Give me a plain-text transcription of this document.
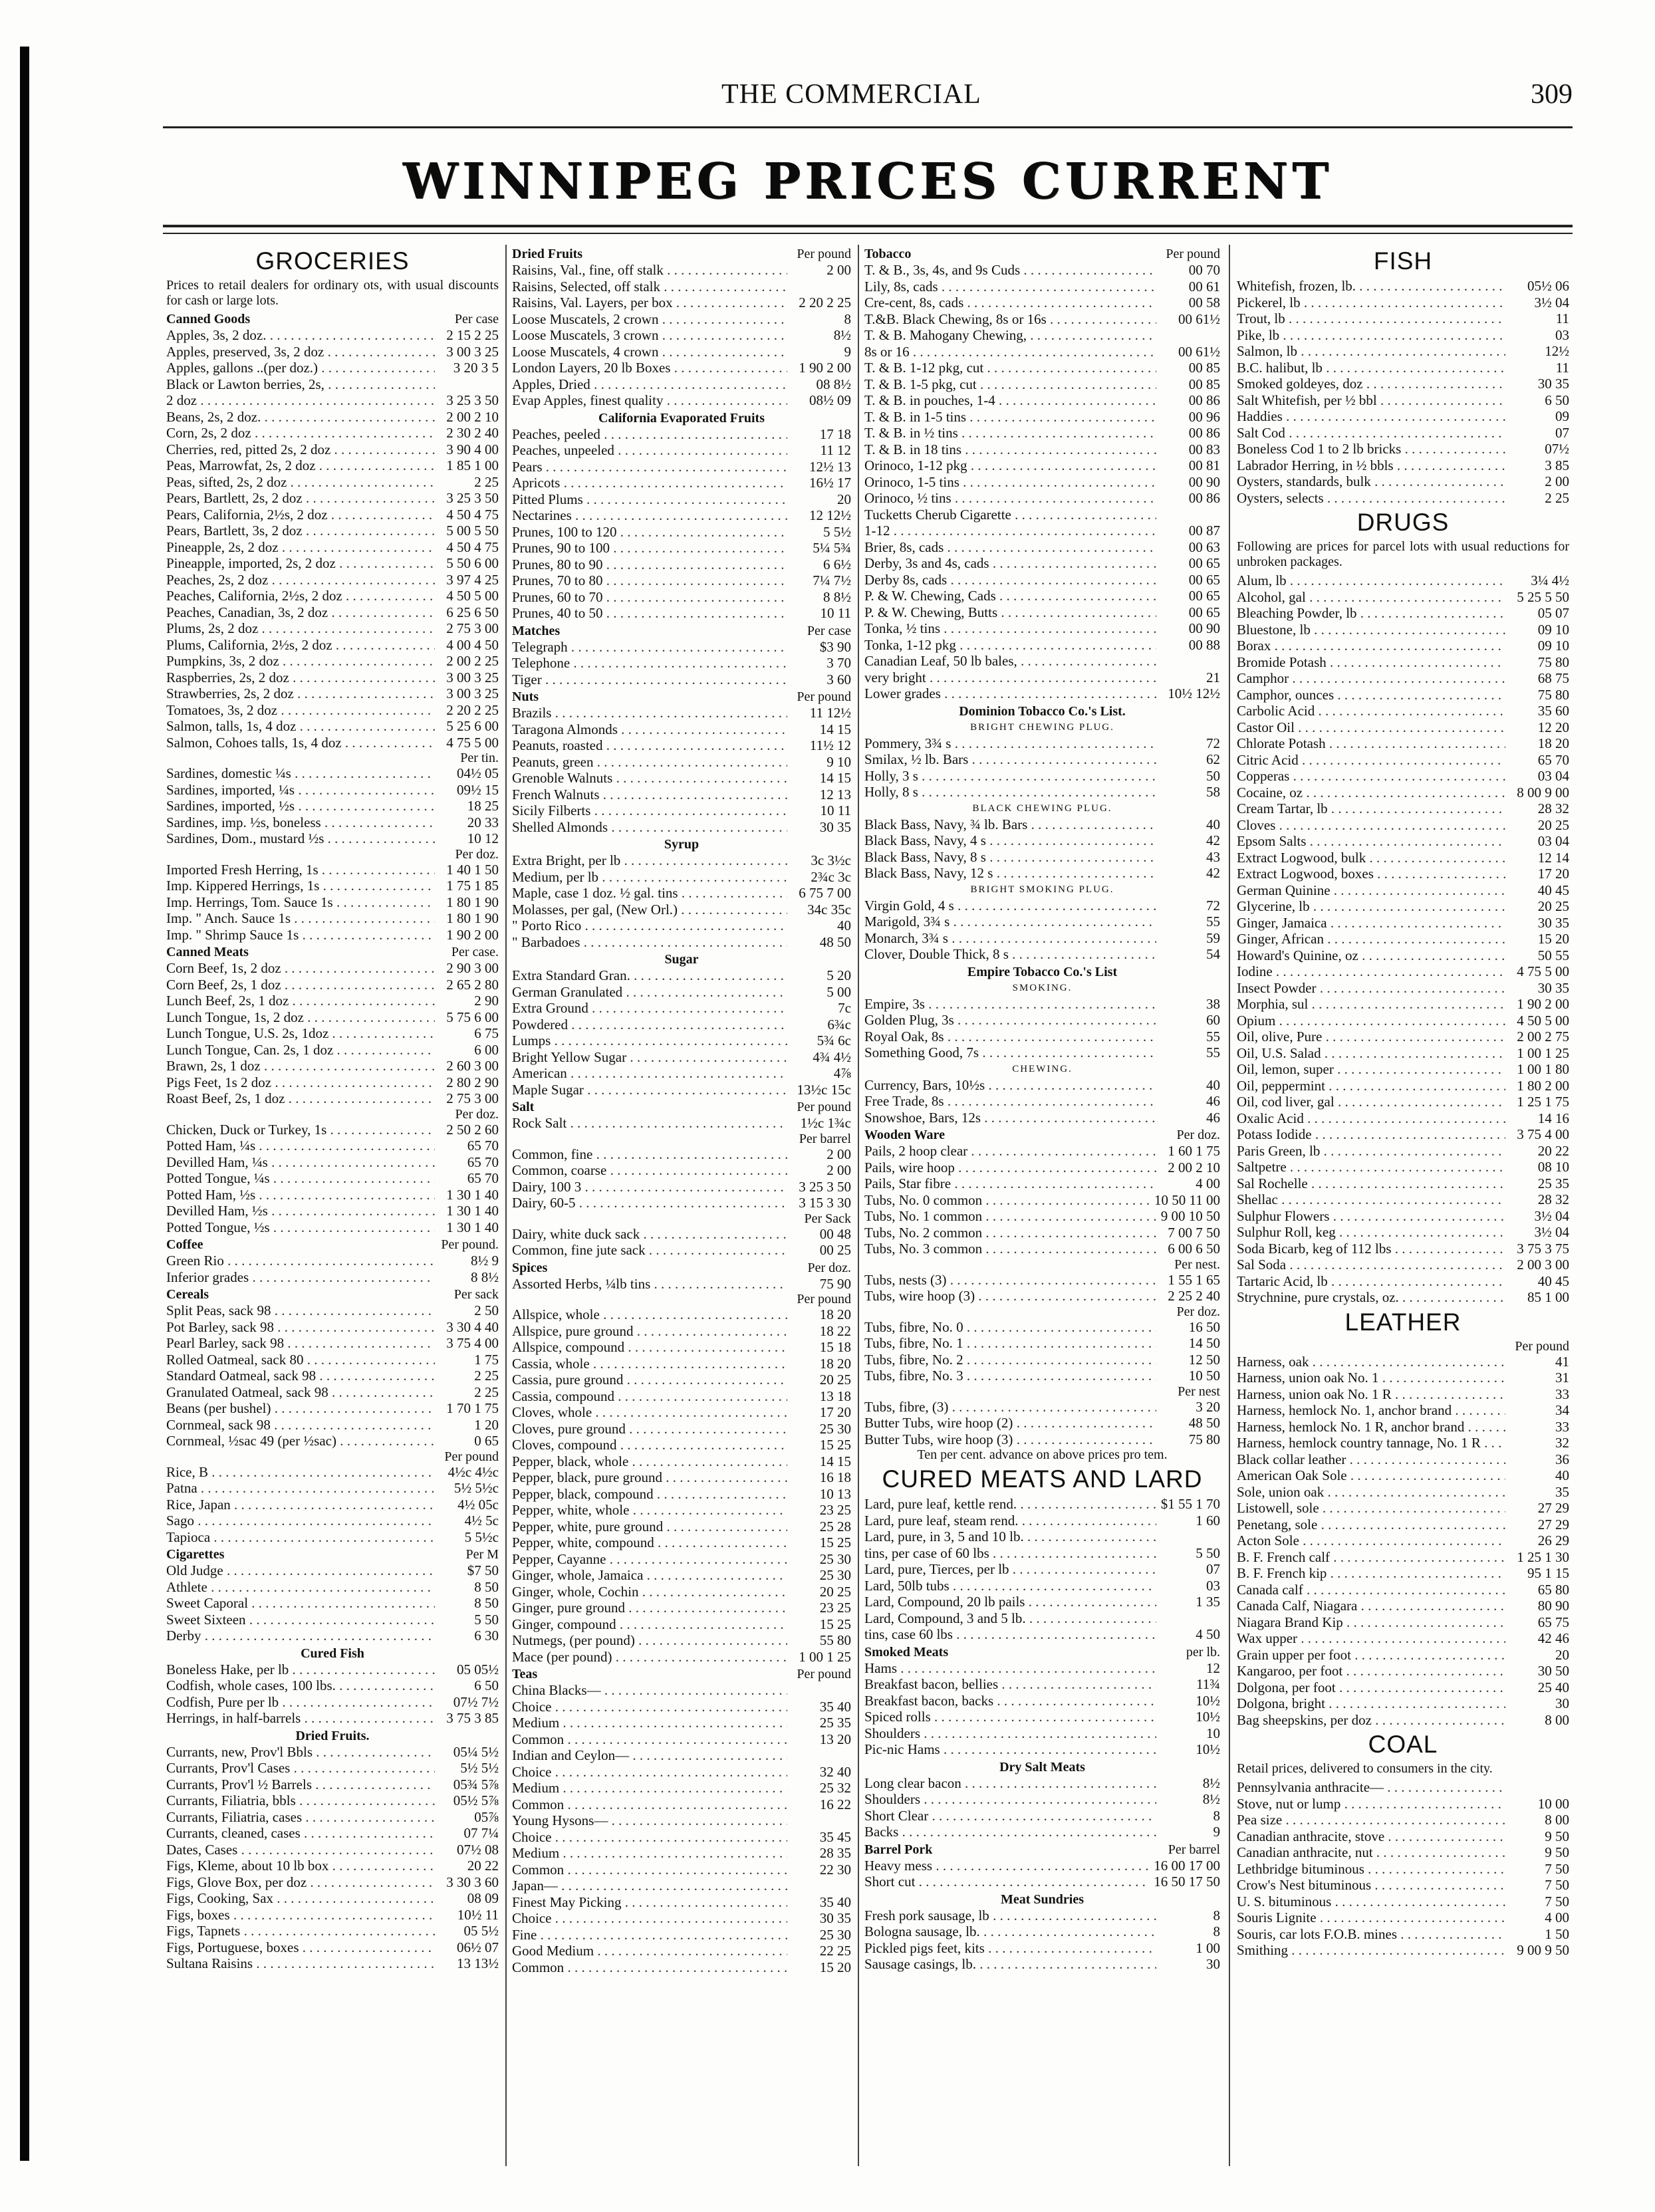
THE COMMERCIAL	309
WINNIPEG PRICES CURRENT
GROCERIES
Prices to retail dealers for ordinary ots, with usual discounts for cash or large lots.
Canned Goods	Per case
Apples, 3s, 2 doz. . . .	2 15 2 25
Apples, preserved, 3s, 2 doz . . .	3 00 3 25
Apples, gallons ..(per doz.) . . .	3 20 3 5
Black or Lawton berries, 2s, . . .
2 doz . . .	3 25 3 50
Beans, 2s, 2 doz. . . .	2 00 2 10
Corn, 2s, 2 doz . . .	2 30 2 40
Cherries, red, pitted 2s, 2 doz . . .	3 90 4 00
Peas, Marrowfat, 2s, 2 doz . . .	1 85 1 00
Peas, sifted, 2s, 2 doz . . .	2 25
Pears, Bartlett, 2s, 2 doz . . .	3 25 3 50
Pears, California, 2½s, 2 doz . . .	4 50 4 75
Pears, Bartlett, 3s, 2 doz . . .	5 00 5 50
Pineapple, 2s, 2 doz . . .	4 50 4 75
Pineapple, imported, 2s, 2 doz . . .	5 50 6 00
Peaches, 2s, 2 doz . . .	3 97 4 25
Peaches, California, 2½s, 2 doz . . .	4 50 5 00
Peaches, Canadian, 3s, 2 doz . . .	6 25 6 50
Plums, 2s, 2 doz . . .	2 75 3 00
Plums, California, 2½s, 2 doz . . .	4 00 4 50
Pumpkins, 3s, 2 doz . . .	2 00 2 25
Raspberries, 2s, 2 doz . . .	3 00 3 25
Strawberries, 2s, 2 doz . . .	3 00 3 25
Tomatoes, 3s, 2 doz . . .	2 20 2 25
Salmon, talls, 1s, 4 doz . . .	5 25 6 00
Salmon, Cohoes talls, 1s, 4 doz . . .	4 75 5 00
Per tin.
Sardines, domestic ¼s . . .	04½ 05
Sardines, imported, ¼s . . .	09½ 15
Sardines, imported, ½s . . .	18 25
Sardines, imp. ½s, boneless . . .	20 33
Sardines, Dom., mustard ½s . . .	10 12
Per doz.
Imported Fresh Herring, 1s . . .	1 40 1 50
Imp. Kippered Herrings, 1s . . .	1 75 1 85
Imp. Herrings, Tom. Sauce 1s . . .	1 80 1 90
Imp. " Anch. Sauce 1s . . .	1 80 1 90
Imp. " Shrimp Sauce 1s . . .	1 90 2 00
Canned Meats	Per case.
Corn Beef, 1s, 2 doz . . .	2 90 3 00
Corn Beef, 2s, 1 doz . . .	2 65 2 80
Lunch Beef, 2s, 1 doz . . .	2 90
Lunch Tongue, 1s, 2 doz . . .	5 75 6 00
Lunch Tongue, U.S. 2s, 1doz . . .	6 75
Lunch Tongue, Can. 2s, 1 doz . . .	6 00
Brawn, 2s, 1 doz . . .	2 60 3 00
Pigs Feet, 1s 2 doz . . .	2 80 2 90
Roast Beef, 2s, 1 doz . . .	2 75 3 00
Per doz.
Chicken, Duck or Turkey, 1s . . .	2 50 2 60
Potted Ham, ¼s . . .	65 70
Devilled Ham, ¼s . . .	65 70
Potted Tongue, ¼s . . .	65 70
Potted Ham, ½s . . .	1 30 1 40
Devilled Ham, ½s . . .	1 30 1 40
Potted Tongue, ½s . . .	1 30 1 40
Coffee	Per pound.
Green Rio . . .	8½ 9
Inferior grades . . .	8 8½
Cereals	Per sack
Split Peas, sack 98 . . .	2 50
Pot Barley, sack 98 . . .	3 30 4 40
Pearl Barley, sack 98 . . .	3 75 4 00
Rolled Oatmeal, sack 80 . . .	1 75
Standard Oatmeal, sack 98 . . .	2 25
Granulated Oatmeal, sack 98 . . .	2 25
Beans (per bushel) . . .	1 70 1 75
Cornmeal, sack 98 . . .	1 20
Cornmeal, ½sac 49 (per ½sac) . . .	0 65
Per pound
Rice, B . . .	4½c 4½c
Patna . . .	5½ 5½c
Rice, Japan . . .	4½ 05c
Sago . . .	4½ 5c
Tapioca . . .	5 5½c
Cigarettes	Per M
Old Judge . . .	$7 50
Athlete . . .	8 50
Sweet Caporal . . .	8 50
Sweet Sixteen . . .	5 50
Derby . . .	6 30
Cured Fish
Boneless Hake, per lb . . .	05 05½
Codfish, whole cases, 100 lbs. . . .	6 50
Codfish, Pure per lb . . .	07½ 7½
Herrings, in half-barrels . . .	3 75 3 85
Dried Fruits.
Currants, new, Prov'l Bbls . . .	05¼ 5½
Currants, Prov'l Cases . . .	5½ 5½
Currants, Prov'l ½ Barrels . . .	05¾ 5⅞
Currants, Filiatria, bbls . . .	05½ 5⅞
Currants, Filiatria, cases . . .	05⅞
Currants, cleaned, cases . . .	07 7¼
Dates, Cases . . .	07½ 08
Figs, Kleme, about 10 lb box . . .	20 22
Figs, Glove Box, per doz . . .	3 30 3 60
Figs, Cooking, Sax . . .	08 09
Figs, boxes . . .	10½ 11
Figs, Tapnets . . .	05 5½
Figs, Portuguese, boxes . . .	06½ 07
Sultana Raisins . . .	13 13½
Dried Fruits	Per pound
Raisins, Val., fine, off stalk . . .	2 00
Raisins, Selected, off stalk . . .
Raisins, Val. Layers, per box . . .	2 20 2 25
Loose Muscatels, 2 crown . . .	8
Loose Muscatels, 3 crown . . .	8½
Loose Muscatels, 4 crown . . .	9
London Layers, 20 lb Boxes . . .	1 90 2 00
Apples, Dried . . .	08 8½
Evap Apples, finest quality . . .	08½ 09
California Evaporated Fruits
Peaches, peeled . . .	17 18
Peaches, unpeeled . . .	11 12
Pears . . .	12½ 13
Apricots . . .	16½ 17
Pitted Plums . . .	20
Nectarines . . .	12 12½
Prunes, 100 to 120 . . .	5 5½
Prunes, 90 to 100 . . .	5¼ 5¾
Prunes, 80 to 90 . . .	6 6½
Prunes, 70 to 80 . . .	7¼ 7½
Prunes, 60 to 70 . . .	8 8½
Prunes, 40 to 50 . . .	10 11
Matches	Per case
Telegraph . . .	$3 90
Telephone . . .	3 70
Tiger . . .	3 60
Nuts	Per pound
Brazils . . .	11 12½
Taragona Almonds . . .	14 15
Peanuts, roasted . . .	11½ 12
Peanuts, green . . .	9 10
Grenoble Walnuts . . .	14 15
French Walnuts . . .	12 13
Sicily Filberts . . .	10 11
Shelled Almonds . . .	30 35
Syrup
Extra Bright, per lb . . .	3c 3½c
Medium, per lb . . .	2¾c 3c
Maple, case 1 doz. ½ gal. tins . . .	6 75 7 00
Molasses, per gal, (New Orl.) . . .	34c 35c
" Porto Rico . . .	40
" Barbadoes . . .	48 50
Sugar
Extra Standard Gran. . . .	5 20
German Granulated . . .	5 00
Extra Ground . . .	7c
Powdered . . .	6¾c
Lumps . . .	5¾ 6c
Bright Yellow Sugar . . .	4¾ 4½
American . . .	4⅞
Maple Sugar . . .	13½c 15c
Salt	Per pound
Rock Salt . . .	1½c 1¾c
Per barrel
Common, fine . . .	2 00
Common, coarse . . .	2 00
Dairy, 100 3 . . .	3 25 3 50
Dairy, 60-5 . . .	3 15 3 30
Per Sack
Dairy, white duck sack . . .	00 48
Common, fine jute sack . . .	00 25
Spices	Per doz.
Assorted Herbs, ¼lb tins . . .	75 90
Per pound
Allspice, whole . . .	18 20
Allspice, pure ground . . .	18 22
Allspice, compound . . .	15 18
Cassia, whole . . .	18 20
Cassia, pure ground . . .	20 25
Cassia, compound . . .	13 18
Cloves, whole . . .	17 20
Cloves, pure ground . . .	25 30
Cloves, compound . . .	15 25
Pepper, black, whole . . .	14 15
Pepper, black, pure ground . . .	16 18
Pepper, black, compound . . .	10 13
Pepper, white, whole . . .	23 25
Pepper, white, pure ground . . .	25 28
Pepper, white, compound . . .	15 25
Pepper, Cayanne . . .	25 30
Ginger, whole, Jamaica . . .	25 30
Ginger, whole, Cochin . . .	20 25
Ginger, pure ground . . .	23 25
Ginger, compound . . .	15 25
Nutmegs, (per pound) . . .	55 80
Mace (per pound) . . .	1 00 1 25
Teas	Per pound
China Blacks— . . .
Choice . . .	35 40
Medium . . .	25 35
Common . . .	13 20
Indian and Ceylon— . . .
Choice . . .	32 40
Medium . . .	25 32
Common . . .	16 22
Young Hysons— . . .
Choice . . .	35 45
Medium . . .	28 35
Common . . .	22 30
Japan— . . .
Finest May Picking . . .	35 40
Choice . . .	30 35
Fine . . .	25 30
Good Medium . . .	22 25
Common . . .	15 20
Tobacco	Per pound
T. & B., 3s, 4s, and 9s Cuds . . .	00 70
Lily, 8s, cads . . .	00 61
Cre-cent, 8s, cads . . .	00 58
T.&B. Black Chewing, 8s or 16s . . .	00 61½
T. & B. Mahogany Chewing, . . .
8s or 16 . . .	00 61½
T. & B. 1-12 pkg, cut . . .	00 85
T. & B. 1-5 pkg, cut . . .	00 85
T. & B. in pouches, 1-4 . . .	00 86
T. & B. in 1-5 tins . . .	00 96
T. & B. in ½ tins . . .	00 86
T. & B. in 18 tins . . .	00 83
Orinoco, 1-12 pkg . . .	00 81
Orinoco, 1-5 tins . . .	00 90
Orinoco, ½ tins . . .	00 86
Tucketts Cherub Cigarette . . .
1-12 . . .	00 87
Brier, 8s, cads . . .	00 63
Derby, 3s and 4s, cads . . .	00 65
Derby 8s, cads . . .	00 65
P. & W. Chewing, Cads . . .	00 65
P. & W. Chewing, Butts . . .	00 65
Tonka, ½ tins . . .	00 90
Tonka, 1-12 pkg . . .	00 88
Canadian Leaf, 50 lb bales, . . .
very bright . . .	21
Lower grades . . .	10½ 12½
Dominion Tobacco Co.'s List.
BRIGHT CHEWING PLUG.
Pommery, 3¾ s . . .	72
Smilax, ½ lb. Bars . . .	62
Holly, 3 s . . .	50
Holly, 8 s . . .	58
BLACK CHEWING PLUG.
Black Bass, Navy, ¾ lb. Bars . . .	40
Black Bass, Navy, 4 s . . .	42
Black Bass, Navy, 8 s . . .	43
Black Bass, Navy, 12 s . . .	42
BRIGHT SMOKING PLUG.
Virgin Gold, 4 s . . .	72
Marigold, 3¾ s . . .	55
Monarch, 3¾ s . . .	59
Clover, Double Thick, 8 s . . .	54
Empire Tobacco Co.'s List
SMOKING.
Empire, 3s . . .	38
Golden Plug, 3s . . .	60
Royal Oak, 8s . . .	55
Something Good, 7s . . .	55
CHEWING.
Currency, Bars, 10½s . . .	40
Free Trade, 8s . . .	46
Snowshoe, Bars, 12s . . .	46
Wooden Ware	Per doz.
Pails, 2 hoop clear . . .	1 60 1 75
Pails, wire hoop . . .	2 00 2 10
Pails, Star fibre . . .	4 00
Tubs, No. 0 common . . .	10 50 11 00
Tubs, No. 1 common . . .	9 00 10 50
Tubs, No. 2 common . . .	7 00 7 50
Tubs, No. 3 common . . .	6 00 6 50
Per nest.
Tubs, nests (3) . . .	1 55 1 65
Tubs, wire hoop (3) . . .	2 25 2 40
Per doz.
Tubs, fibre, No. 0 . . .	16 50
Tubs, fibre, No. 1 . . .	14 50
Tubs, fibre, No. 2 . . .	12 50
Tubs, fibre, No. 3 . . .	10 50
Per nest
Tubs, fibre, (3) . . .	3 20
Butter Tubs, wire hoop (2) . . .	48 50
Butter Tubs, wire hoop (3) . . .	75 80
Ten per cent. advance on above prices pro tem.
CURED MEATS AND LARD
Lard, pure leaf, kettle rend. . . .	$1 55 1 70
Lard, pure leaf, steam rend. . . .	1 60
Lard, pure, in 3, 5 and 10 lb. . . .
tins, per case of 60 lbs . . .	5 50
Lard, pure, Tierces, per lb . . .	07
Lard, 50lb tubs . . .	03
Lard, Compound, 20 lb pails . . .	1 35
Lard, Compound, 3 and 5 lb. . . .
tins, case 60 lbs . . .	4 50
Smoked Meats	per lb.
Hams . . .	12
Breakfast bacon, bellies . . .	11¾
Breakfast bacon, backs . . .	10½
Spiced rolls . . .	10½
Shoulders . . .	10
Pic-nic Hams . . .	10½
Dry Salt Meats
Long clear bacon . . .	8½
Shoulders . . .	8½
Short Clear . . .	8
Backs . . .	9
Barrel Pork	Per barrel
Heavy mess . . .	16 00 17 00
Short cut . . .	16 50 17 50
Meat Sundries
Fresh pork sausage, lb . . .	8
Bologna sausage, lb. . . .	8
Pickled pigs feet, kits . . .	1 00
Sausage casings, lb. . . .	30
FISH
Whitefish, frozen, lb. . . .	05½ 06
Pickerel, lb . . .	3½ 04
Trout, lb . . .	11
Pike, lb . . .	03
Salmon, lb . . .	12½
B.C. halibut, lb . . .	11
Smoked goldeyes, doz . . .	30 35
Salt Whitefish, per ½ bbl . . .	6 50
Haddies . . .	09
Salt Cod . . .	07
Boneless Cod 1 to 2 lb bricks . . .	07½
Labrador Herring, in ½ bbls . . .	3 85
Oysters, standards, bulk . . .	2 00
Oysters, selects . . .	2 25
DRUGS
Following are prices for parcel lots with usual reductions for unbroken packages.
Alum, lb . . .	3¼ 4½
Alcohol, gal . . .	5 25 5 50
Bleaching Powder, lb . . .	05 07
Bluestone, lb . . .	09 10
Borax . . .	09 10
Bromide Potash . . .	75 80
Camphor . . .	68 75
Camphor, ounces . . .	75 80
Carbolic Acid . . .	35 60
Castor Oil . . .	12 20
Chlorate Potash . . .	18 20
Citric Acid . . .	65 70
Copperas . . .	03 04
Cocaine, oz . . .	8 00 9 00
Cream Tartar, lb . . .	28 32
Cloves . . .	20 25
Epsom Salts . . .	03 04
Extract Logwood, bulk . . .	12 14
Extract Logwood, boxes . . .	17 20
German Quinine . . .	40 45
Glycerine, lb . . .	20 25
Ginger, Jamaica . . .	30 35
Ginger, African . . .	15 20
Howard's Quinine, oz . . .	50 55
Iodine . . .	4 75 5 00
Insect Powder . . .	30 35
Morphia, sul . . .	1 90 2 00
Opium . . .	4 50 5 00
Oil, olive, Pure . . .	2 00 2 75
Oil, U.S. Salad . . .	1 00 1 25
Oil, lemon, super . . .	1 00 1 80
Oil, peppermint . . .	1 80 2 00
Oil, cod liver, gal . . .	1 25 1 75
Oxalic Acid . . .	14 16
Potass Iodide . . .	3 75 4 00
Paris Green, lb . . .	20 22
Saltpetre . . .	08 10
Sal Rochelle . . .	25 35
Shellac . . .	28 32
Sulphur Flowers . . .	3½ 04
Sulphur Roll, keg . . .	3½ 04
Soda Bicarb, keg of 112 lbs . . .	3 75 3 75
Sal Soda . . .	2 00 3 00
Tartaric Acid, lb . . .	40 45
Strychnine, pure crystals, oz. . . .	85 1 00
LEATHER
Per pound
Harness, oak . . .	41
Harness, union oak No. 1 . . .	31
Harness, union oak No. 1 R . . .	33
Harness, hemlock No. 1, anchor brand . . .	34
Harness, hemlock No. 1 R, anchor brand . . .	33
Harness, hemlock country tannage, No. 1 R . . .	32
Black collar leather . . .	36
American Oak Sole . . .	40
Sole, union oak . . .	35
Listowell, sole . . .	27 29
Penetang, sole . . .	27 29
Acton Sole . . .	26 29
B. F. French calf . . .	1 25 1 30
B. F. French kip . . .	95 1 15
Canada calf . . .	65 80
Canada Calf, Niagara . . .	80 90
Niagara Brand Kip . . .	65 75
Wax upper . . .	42 46
Grain upper per foot . . .	20
Kangaroo, per foot . . .	30 50
Dolgona, per foot . . .	25 40
Dolgona, bright . . .	30
Bag sheepskins, per doz . . .	8 00
COAL
Retail prices, delivered to consumers in the city.
Pennsylvania anthracite— . . .
Stove, nut or lump . . .	10 00
Pea size . . .	8 00
Canadian anthracite, stove . . .	9 50
Canadian anthracite, nut . . .	9 50
Lethbridge bituminous . . .	7 50
Crow's Nest bituminous . . .	7 50
U. S. bituminous . . .	7 50
Souris Lignite . . .	4 00
Souris, car lots F.O.B. mines . . .	1 50
Smithing . . .	9 00 9 50
